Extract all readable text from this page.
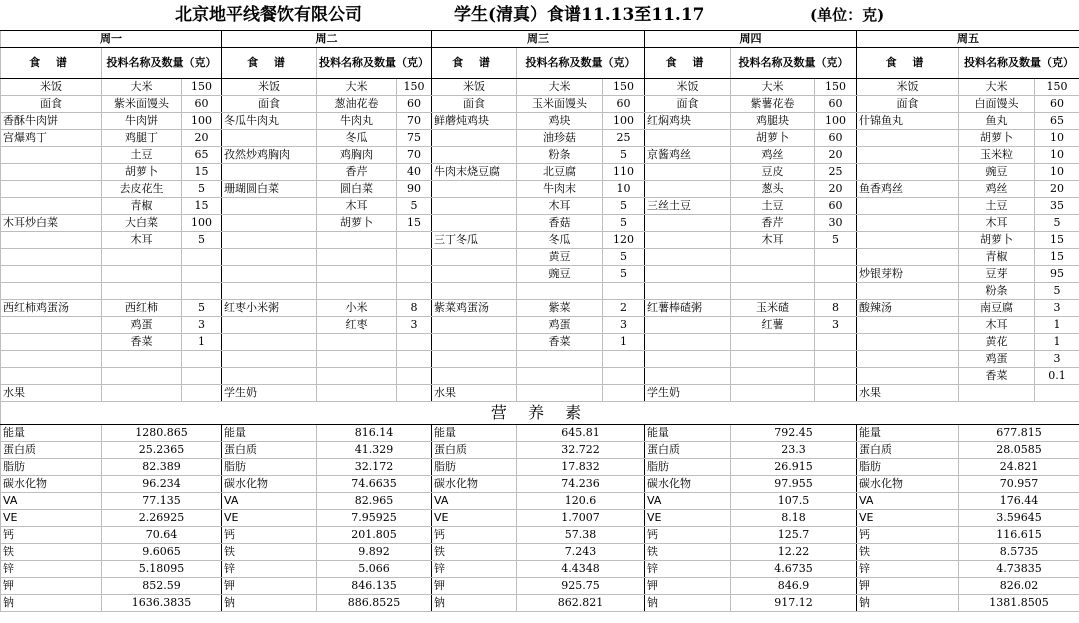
北京地平线餐饮有限公司	学生(清真）食谱11.13至11.17	(单位：克)
周一			周二			周三			周四			周五		
食 谱	投料名称及数量（克）		食 谱	投料名称及数量（克）		食 谱	投料名称及数量（克）		食 谱	投料名称及数量（克）		食 谱	投料名称及数量（克）	
米饭	大米	150	米饭	大米	150	米饭	大米	150	米饭	大米	150	米饭	大米	150
面食	紫米面馒头	60	面食	葱油花卷	60	面食	玉米面馒头	60	面食	紫薯花卷	60	面食	白面馒头	60
香酥牛肉饼	牛肉饼	100	冬瓜牛肉丸	牛肉丸	70	鲜蘑炖鸡块	鸡块	100	红焖鸡块	鸡腿块	100	什锦鱼丸	鱼丸	65
宫爆鸡丁	鸡腿丁	20		冬瓜	75		油珍菇	25		胡萝卜	60		胡萝卜	10
	土豆	65	孜然炒鸡胸肉	鸡胸肉	70		粉条	5	京酱鸡丝	鸡丝	20		玉米粒	10
	胡萝卜	15		香芹	40	牛肉末烧豆腐	北豆腐	110		豆皮	25		豌豆	10
	去皮花生	5	珊瑚圆白菜	圆白菜	90		牛肉末	10		葱头	20	鱼香鸡丝	鸡丝	20
	青椒	15		木耳	5		木耳	5	三丝土豆	土豆	60		土豆	35
木耳炒白菜	大白菜	100		胡萝卜	15		香菇	5		香芹	30		木耳	5
	木耳	5				三丁冬瓜	冬瓜	120		木耳	5		胡萝卜	15
							黄豆	5					青椒	15
							豌豆	5				炒银芽粉	豆芽	95
													粉条	5
西红柿鸡蛋汤	西红柿	5	红枣小米粥	小米	8	紫菜鸡蛋汤	紫菜	2	红薯棒碴粥	玉米碴	8	酸辣汤	南豆腐	3
	鸡蛋	3		红枣	3		鸡蛋	3		红薯	3		木耳	1
	香菜	1					香菜	1					黄花	1
													鸡蛋	3
													香菜	0.1
水果			学生奶			水果			学生奶			水果		
营 养 素														
能量	1280.865		能量	816.14		能量	645.81		能量	792.45		能量	677.815	
蛋白质	25.2365		蛋白质	41.329		蛋白质	32.722		蛋白质	23.3		蛋白质	28.0585	
脂肪	82.389		脂肪	32.172		脂肪	17.832		脂肪	26.915		脂肪	24.821	
碳水化物	96.234		碳水化物	74.6635		碳水化物	74.236		碳水化物	97.955		碳水化物	70.957	
VA	77.135		VA	82.965		VA	120.6		VA	107.5		VA	176.44	
VE	2.26925		VE	7.95925		VE	1.7007		VE	8.18		VE	3.59645	
钙	70.64		钙	201.805		钙	57.38		钙	125.7		钙	116.615	
铁	9.6065		铁	9.892		铁	7.243		铁	12.22		铁	8.5735	
锌	5.18095		锌	5.066		锌	4.4348		锌	4.6735		锌	4.73835	
钾	852.59		钾	846.135		钾	925.75		钾	846.9		钾	826.02	
钠	1636.3835		钠	886.8525		钠	862.821		钠	917.12		钠	1381.8505	
